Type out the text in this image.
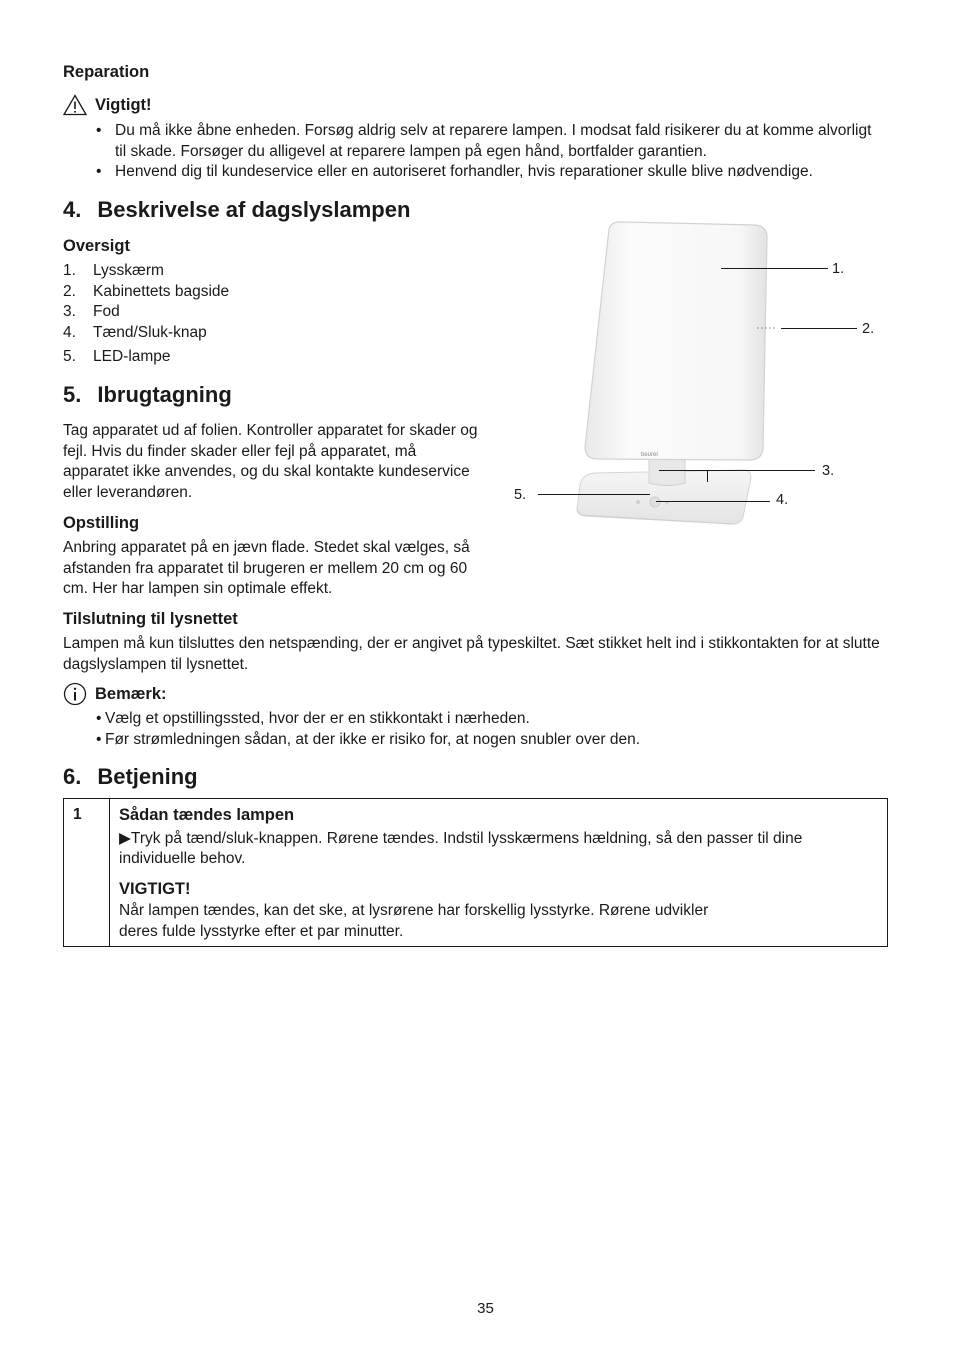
Reparation
Vigtigt!
• Du må ikke åbne enheden. Forsøg aldrig selv at reparere lampen. I modsat fald risikerer du at komme alvorligt til skade. Forsøger du alligevel at reparere lampen på egen hånd, bortfalder garantien.
• Henvend dig til kundeservice eller en autoriseret forhandler, hvis reparationer skulle blive nødvendige.
4. Beskrivelse af dagslyslampen
Oversigt
1. Lysskærm
2. Kabinettets bagside
3. Fod
4. Tænd/Sluk-knap
5. LED-lampe
beurer
1.
2.
3.
4.
5.
5. Ibrugtagning
Tag apparatet ud af folien. Kontroller apparatet for skader og fejl. Hvis du finder skader eller fejl på apparatet, må apparatet ikke anvendes, og du skal kontakte kundeservice eller leverandøren.
Opstilling
Anbring apparatet på en jævn flade. Stedet skal vælges, så afstanden fra apparatet til brugeren er mellem 20 cm og 60 cm. Her har lampen sin optimale effekt.
Tilslutning til lysnettet
Lampen må kun tilsluttes den netspænding, der er angivet på typeskiltet. Sæt stikket helt ind i stikkontakten for at slutte dagslyslampen til lysnettet.
Bemærk:
• Vælg et opstillingssted, hvor der er en stikkontakt i nærheden.
• Før strømledningen sådan, at der ikke er risiko for, at nogen snubler over den.
6. Betjening
1	Sådan tændes lampen
▶Tryk på tænd/sluk-knappen. Rørene tændes. Indstil lysskærmens hældning, så den passer til dine individuelle behov.
VIGTIGT!
Når lampen tændes, kan det ske, at lysrørene har forskellig lysstyrke. Rørene udvikler
deres fulde lysstyrke efter et par minutter.
35
